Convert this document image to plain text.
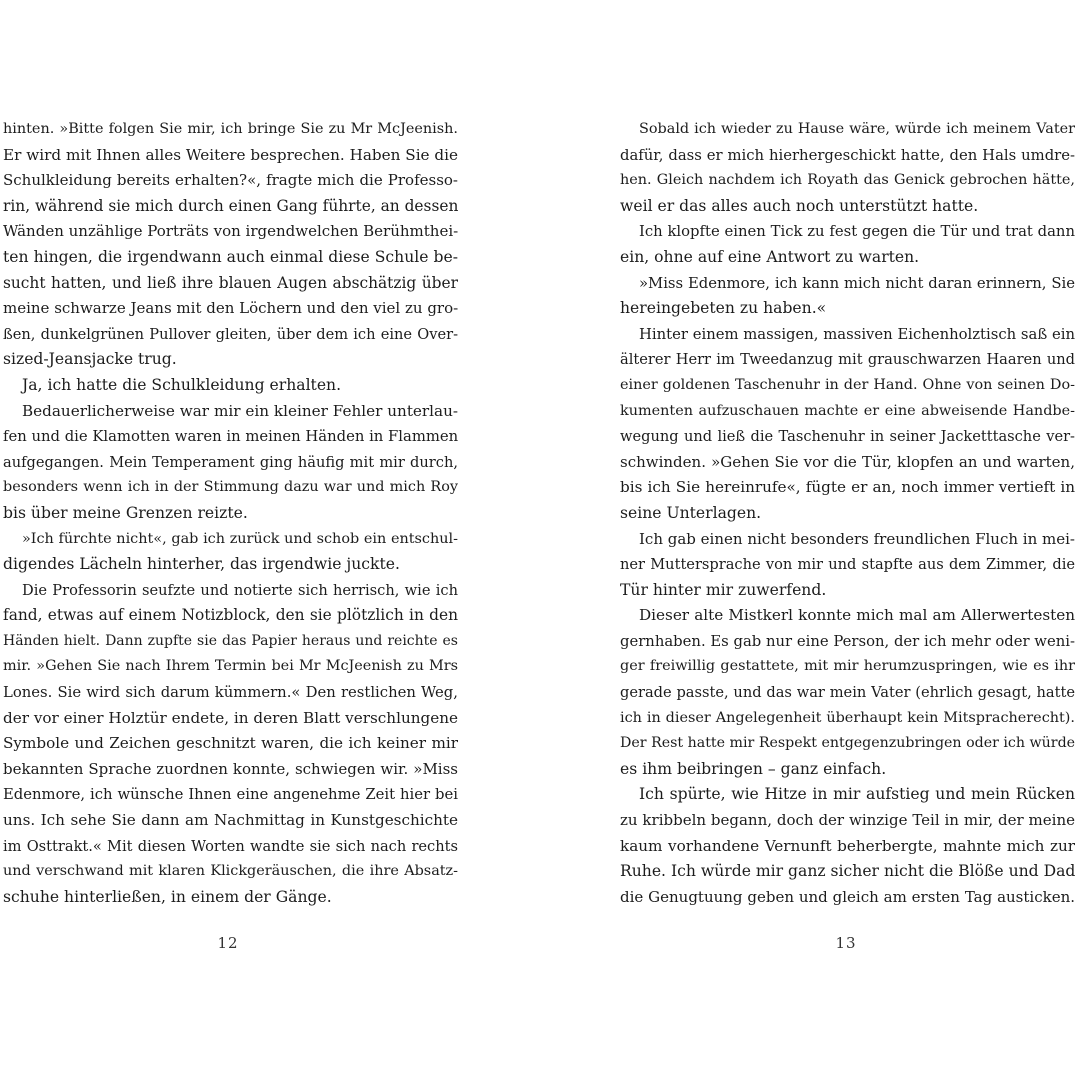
hinten. »Bitte folgen Sie mir, ich bringe Sie zu Mr McJeenish.
Er wird mit Ihnen alles Weitere besprechen. Haben Sie die
Schulkleidung bereits erhalten?«, fragte mich die Professo-
rin, während sie mich durch einen Gang führte, an dessen
Wänden unzählige Porträts von irgendwelchen Berühmthei-
ten hingen, die irgendwann auch einmal diese Schule be-
sucht hatten, und ließ ihre blauen Augen abschätzig über
meine schwarze Jeans mit den Löchern und den viel zu gro-
ßen, dunkelgrünen Pullover gleiten, über dem ich eine Over-
sized-Jeansjacke trug.
Ja, ich hatte die Schulkleidung erhalten.
Bedauerlicherweise war mir ein kleiner Fehler unterlau-
fen und die Klamotten waren in meinen Händen in Flammen
aufgegangen. Mein Temperament ging häufig mit mir durch,
besonders wenn ich in der Stimmung dazu war und mich Roy
bis über meine Grenzen reizte.
»Ich fürchte nicht«, gab ich zurück und schob ein entschul-
digendes Lächeln hinterher, das irgendwie juckte.
Die Professorin seufzte und notierte sich herrisch, wie ich
fand, etwas auf einem Notizblock, den sie plötzlich in den
Händen hielt. Dann zupfte sie das Papier heraus und reichte es
mir. »Gehen Sie nach Ihrem Termin bei Mr McJeenish zu Mrs
Lones. Sie wird sich darum kümmern.« Den restlichen Weg,
der vor einer Holztür endete, in deren Blatt verschlungene
Symbole und Zeichen geschnitzt waren, die ich keiner mir
bekannten Sprache zuordnen konnte, schwiegen wir. »Miss
Edenmore, ich wünsche Ihnen eine angenehme Zeit hier bei
uns. Ich sehe Sie dann am Nachmittag in Kunstgeschichte
im Osttrakt.« Mit diesen Worten wandte sie sich nach rechts
und verschwand mit klaren Klickgeräuschen, die ihre Absatz-
schuhe hinterließen, in einem der Gänge.
12
Sobald ich wieder zu Hause wäre, würde ich meinem Vater
dafür, dass er mich hierhergeschickt hatte, den Hals umdre-
hen. Gleich nachdem ich Royath das Genick gebrochen hätte,
weil er das alles auch noch unterstützt hatte.
Ich klopfte einen Tick zu fest gegen die Tür und trat dann
ein, ohne auf eine Antwort zu warten.
»Miss Edenmore, ich kann mich nicht daran erinnern, Sie
hereingebeten zu haben.«
Hinter einem massigen, massiven Eichenholztisch saß ein
älterer Herr im Tweedanzug mit grauschwarzen Haaren und
einer goldenen Taschenuhr in der Hand. Ohne von seinen Do-
kumenten aufzuschauen machte er eine abweisende Handbe-
wegung und ließ die Taschenuhr in seiner Jacketttasche ver-
schwinden. »Gehen Sie vor die Tür, klopfen an und warten,
bis ich Sie hereinrufe«, fügte er an, noch immer vertieft in
seine Unterlagen.
Ich gab einen nicht besonders freundlichen Fluch in mei-
ner Muttersprache von mir und stapfte aus dem Zimmer, die
Tür hinter mir zuwerfend.
Dieser alte Mistkerl konnte mich mal am Allerwertesten
gernhaben. Es gab nur eine Person, der ich mehr oder weni-
ger freiwillig gestattete, mit mir herumzuspringen, wie es ihr
gerade passte, und das war mein Vater (ehrlich gesagt, hatte
ich in dieser Angelegenheit überhaupt kein Mitspracherecht).
Der Rest hatte mir Respekt entgegenzubringen oder ich würde
es ihm beibringen – ganz einfach.
Ich spürte, wie Hitze in mir aufstieg und mein Rücken
zu kribbeln begann, doch der winzige Teil in mir, der meine
kaum vorhandene Vernunft beherbergte, mahnte mich zur
Ruhe. Ich würde mir ganz sicher nicht die Blöße und Dad
die Genugtuung geben und gleich am ersten Tag austicken.
13
